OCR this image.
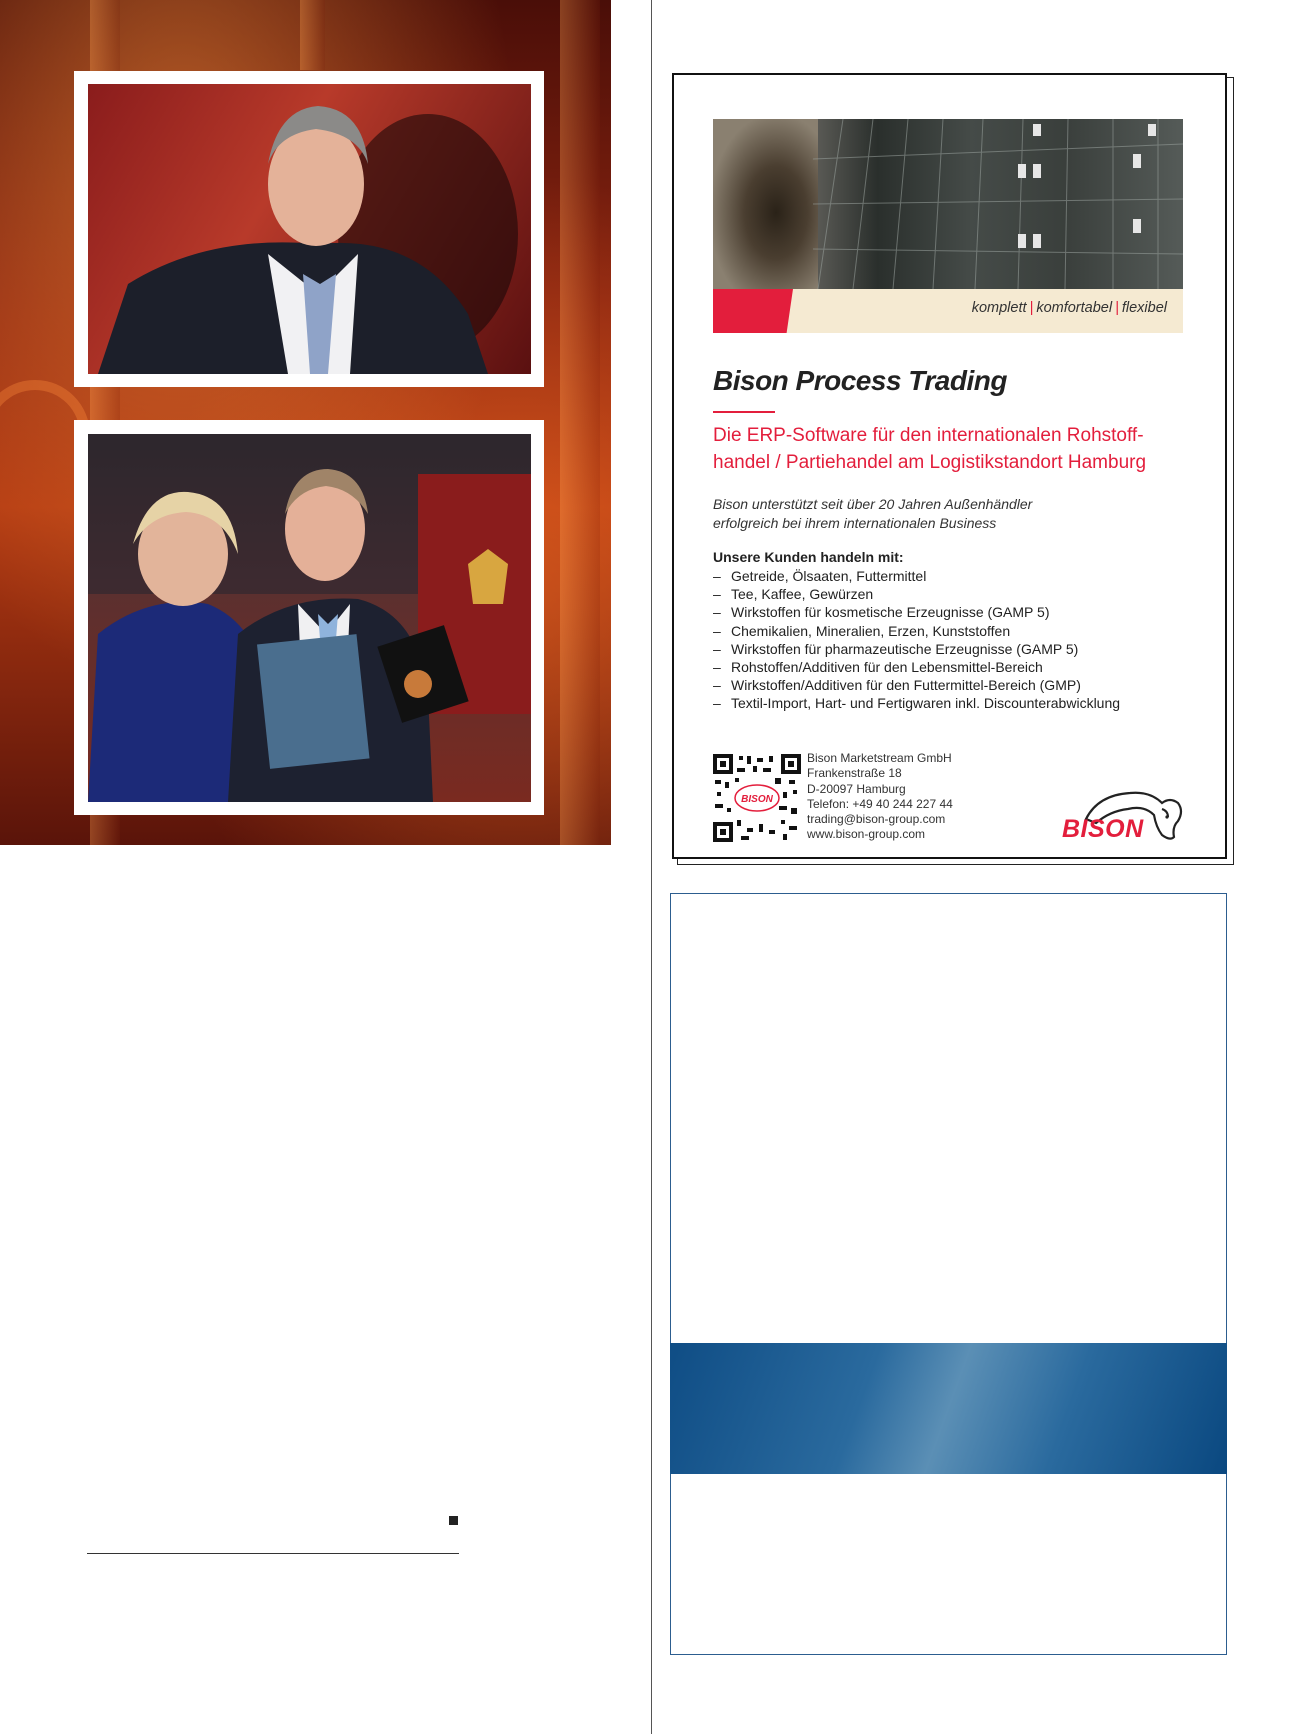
komplett | komfortabel | flexibel
Bison Process Trading
Die ERP-Software für den internationalen Rohstoff-handel / Partiehandel am Logistikstandort Hamburg
Bison unterstützt seit über 20 Jahren Außenhändler erfolgreich bei ihrem internationalen Business
Unsere Kunden handeln mit:
– Getreide, Ölsaaten, Futtermittel
– Tee, Kaffee, Gewürzen
– Wirkstoffen für kosmetische Erzeugnisse (GAMP 5)
– Chemikalien, Mineralien, Erzen, Kunststoffen
– Wirkstoffen für pharmazeutische Erzeugnisse (GAMP 5)
– Rohstoffen/Additiven für den Lebensmittel-Bereich
– Wirkstoffen/Additiven für den Futtermittel-Bereich (GMP)
– Textil-Import, Hart- und Fertigwaren inkl. Discounterabwicklung
BISON
Bison Marketstream GmbH
Frankenstraße 18
D-20097 Hamburg
Telefon: +49 40 244 227 44
trading@bison-group.com
www.bison-group.com	BISON
